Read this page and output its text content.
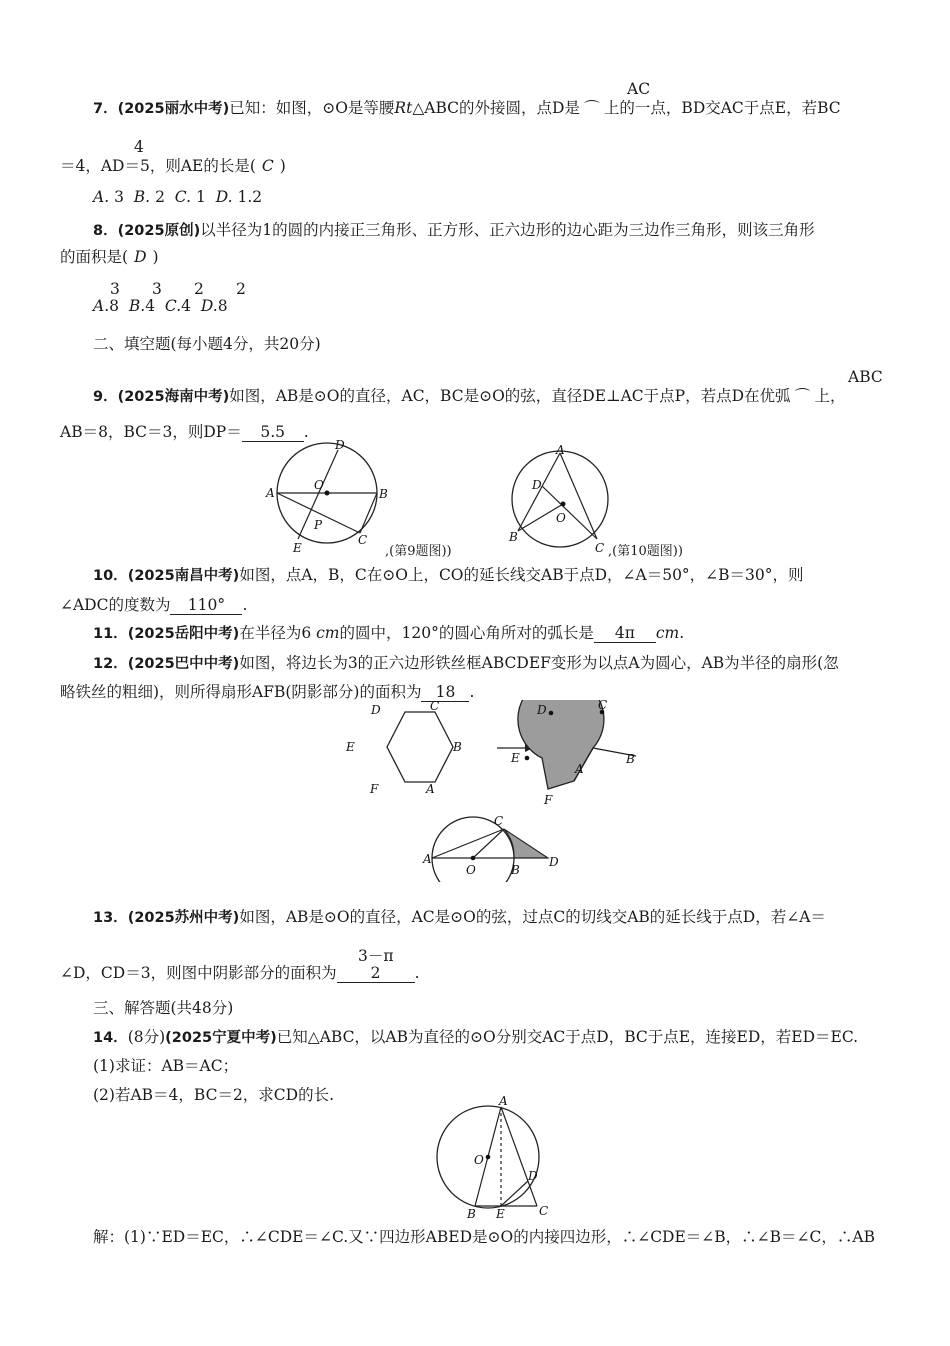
AC
7．(2025丽水中考)已知：如图，⊙O是等腰Rt△ABC的外接圆，点D是 ⌒ 上的一点，BD交AC于点E，若BC
4
＝4，AD＝5，则AE的长是( C )
A. 3 B. 2 C. 1 D. 1.2
8．(2025原创)以半径为1的圆的内接正三角形、正方形、正六边形的边心距为三边作三角形，则该三角形
的面积是( D )
3 3 2 2
A.8 B.4 C.4 D.8
二、填空题(每小题4分，共20分)
ABC
9．(2025海南中考)如图，AB是⊙O的直径，AC，BC是⊙O的弦，直径DE⊥AC于点P，若点D在优弧 ⌒ 上，
AB＝8，BC＝3，则DP＝ 5.5 .
D
O
A	B
P
E
C
,(第9题图))
A
D
O
B
C ,(第10题图))
10．(2025南昌中考)如图，点A，B，C在⊙O上，CO的延长线交AB于点D，∠A＝50°，∠B＝30°，则
∠ADC的度数为 110° .
11．(2025岳阳中考)在半径为6 cm的圆中，120°的圆心角所对的弧长是 4π cm.
12．(2025巴中中考)如图，将边长为3的正六边形铁丝框ABCDEF变形为以点A为圆心，AB为半径的扇形(忽
略铁丝的粗细)，则所得扇形AFB(阴影部分)的面积为 18 .
D	C
E	B
F	A
D	C
E
A
B
F
C
A
O	B
D
13．(2025苏州中考)如图，AB是⊙O的直径，AC是⊙O的弦，过点C的切线交AB的延长线于点D，若∠A＝
3－π
∠D，CD＝3，则图中阴影部分的面积为 2 .
三、解答题(共48分)
14．(8分)(2025宁夏中考)已知△ABC，以AB为直径的⊙O分别交AC于点D，BC于点E，连接ED，若ED＝EC.
(1)求证：AB＝AC；
(2)若AB＝4，BC＝2，求CD的长.	A
O
D
B E	C
解：(1)∵ED＝EC，∴∠CDE＝∠C.又∵四边形ABED是⊙O的内接四边形，∴∠CDE＝∠B，∴∠B＝∠C，∴AB
